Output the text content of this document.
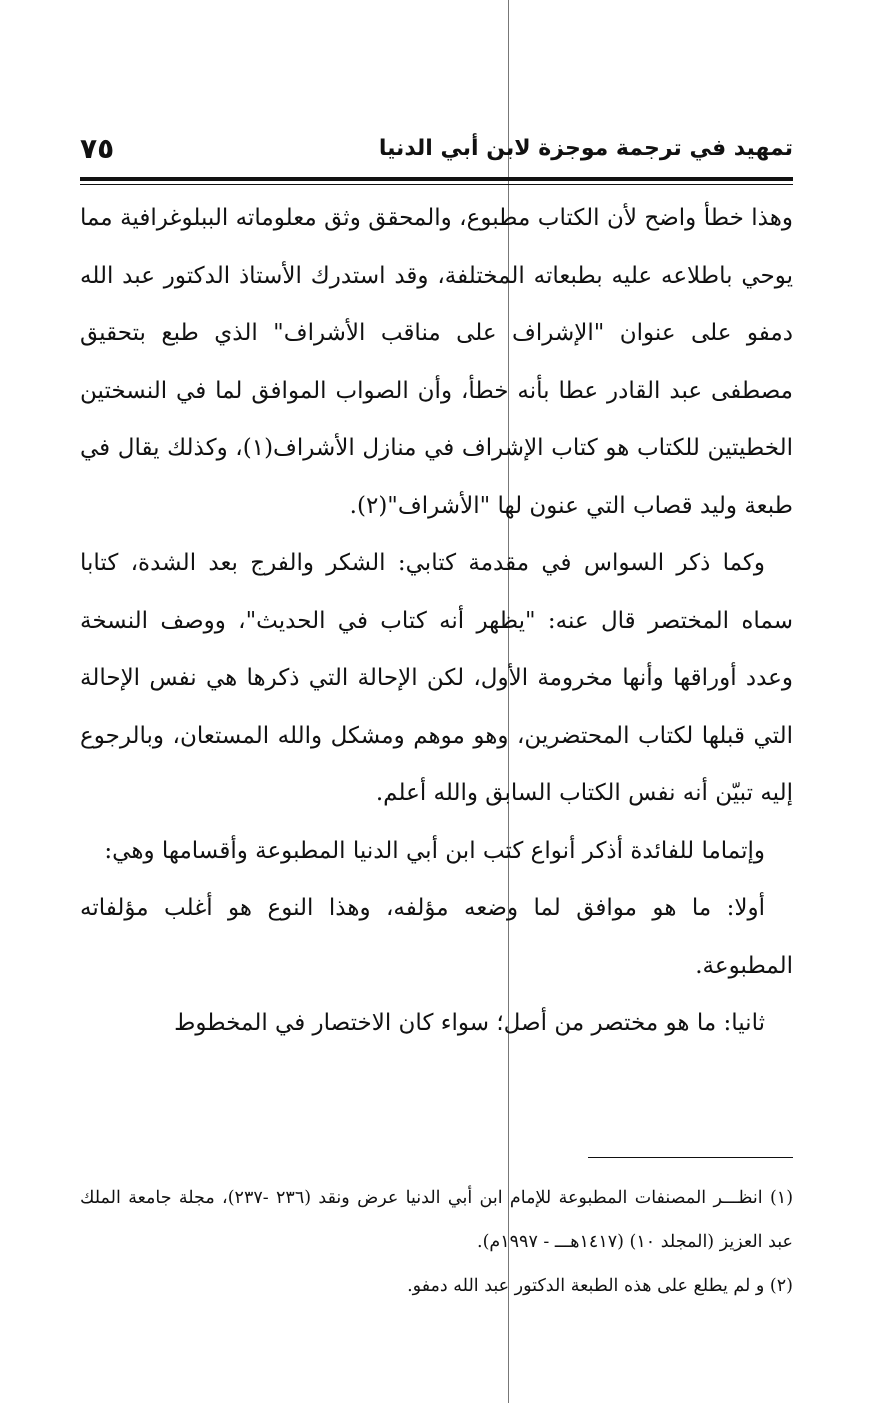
تمهيد في ترجمة موجزة لابن أبي الدنيا
٧٥

وهذا خطأ واضح لأن الكتاب مطبوع، والمحقق وثق معلوماته الببلوغرافية مما يوحي باطلاعه عليه بطبعاته المختلفة، وقد استدرك الأستاذ الدكتور عبد الله دمفو على عنوان "الإشراف على مناقب الأشراف" الذي طبع بتحقيق مصطفى عبد القادر عطا بأنه خطأ، وأن الصواب الموافق لما في النسختين الخطيتين للكتاب هو كتاب الإشراف في منازل الأشراف(١)، وكذلك يقال في طبعة وليد قصاب التي عنون لها "الأشراف"(٢).

وكما ذكر السواس في مقدمة كتابي: الشكر والفرج بعد الشدة، كتابا سماه المختصر قال عنه: "يظهر أنه كتاب في الحديث"، ووصف النسخة وعدد أوراقها وأنها مخرومة الأول، لكن الإحالة التي ذكرها هي نفس الإحالة التي قبلها لكتاب المحتضرين، وهو موهم ومشكل والله المستعان، وبالرجوع إليه تبيّن أنه نفس الكتاب السابق والله أعلم.

وإتماما للفائدة أذكر أنواع كتب ابن أبي الدنيا المطبوعة وأقسامها وهي:

أولا: ما هو موافق لما وضعه مؤلفه، وهذا النوع هو أغلب مؤلفاته المطبوعة.

ثانيا: ما هو مختصر من أصل؛ سواء كان الاختصار في المخطوط

(١) انظـــر المصنفات المطبوعة للإمام ابن أبي الدنيا عرض ونقد (٢٣٦ -٢٣٧)، مجلة جامعة الملك عبد العزيز (المجلد ١٠) (١٤١٧هـــ - ١٩٩٧م).

(٢) و لم يطلع على هذه الطبعة الدكتور عبد الله دمفو.
